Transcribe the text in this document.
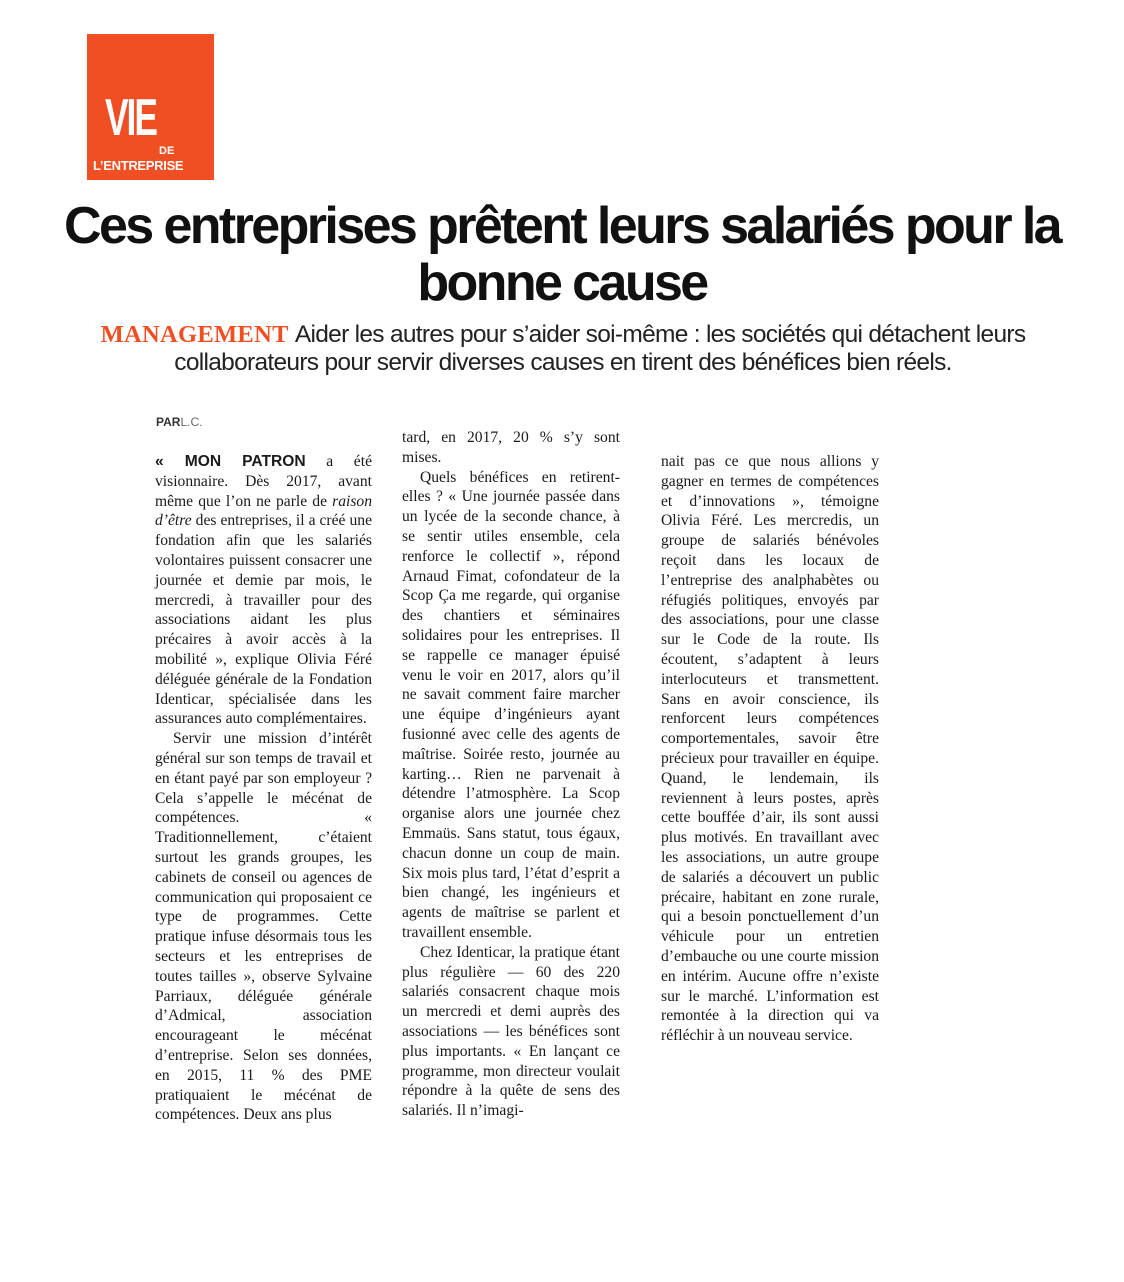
VIE
DE
L’ENTREPRISE
Ces entreprises prêtent leurs salariés pour la bonne cause

MANAGEMENT Aider les autres pour s’aider soi-même : les sociétés qui détachent leurs collaborateurs pour servir diverses causes en tirent des bénéfices bien réels.

PARL.C.

« MON PATRON a été visionnaire. Dès 2017, avant même que l’on ne parle de raison d’être des entreprises, il a créé une fondation afin que les salariés volontaires puissent consacrer une journée et demie par mois, le mercredi, à travailler pour des associations aidant les plus précaires à avoir accès à la mobilité », explique Olivia Féré déléguée générale de la Fondation Identicar, spécialisée dans les assurances auto complémentaires.

Servir une mission d’intérêt général sur son temps de travail et en étant payé par son employeur ? Cela s’appelle le mécénat de compétences. « Traditionnellement, c’étaient surtout les grands groupes, les cabinets de conseil ou agences de communication qui proposaient ce type de programmes. Cette pratique infuse désormais tous les secteurs et les entreprises de toutes tailles », observe Sylvaine Parriaux, déléguée générale d’Admical, association encourageant le mécénat d’entreprise. Selon ses données, en 2015, 11 % des PME pratiquaient le mécénat de compétences. Deux ans plus

tard, en 2017, 20 % s’y sont mises.

Quels bénéfices en retirent-elles ? « Une journée passée dans un lycée de la seconde chance, à se sentir utiles ensemble, cela renforce le collectif », répond Arnaud Fimat, cofondateur de la Scop Ça me regarde, qui organise des chantiers et séminaires solidaires pour les entreprises. Il se rappelle ce manager épuisé venu le voir en 2017, alors qu’il ne savait comment faire marcher une équipe d’ingénieurs ayant fusionné avec celle des agents de maîtrise. Soirée resto, journée au karting… Rien ne parvenait à détendre l’atmosphère. La Scop organise alors une journée chez Emmaüs. Sans statut, tous égaux, chacun donne un coup de main. Six mois plus tard, l’état d’esprit a bien changé, les ingénieurs et agents de maîtrise se parlent et travaillent ensemble.

Chez Identicar, la pratique étant plus régulière — 60 des 220 salariés consacrent chaque mois un mercredi et demi auprès des associations — les bénéfices sont plus importants. « En lançant ce programme, mon directeur voulait répondre à la quête de sens des salariés. Il n’imagi-

nait pas ce que nous allions y gagner en termes de compétences et d’innovations », témoigne Olivia Féré. Les mercredis, un groupe de salariés bénévoles reçoit dans les locaux de l’entreprise des analphabètes ou réfugiés politiques, envoyés par des associations, pour une classe sur le Code de la route. Ils écoutent, s’adaptent à leurs interlocuteurs et transmettent. Sans en avoir conscience, ils renforcent leurs compétences comportementales, savoir être précieux pour travailler en équipe. Quand, le lendemain, ils reviennent à leurs postes, après cette bouffée d’air, ils sont aussi plus motivés. En travaillant avec les associations, un autre groupe de salariés a découvert un public précaire, habitant en zone rurale, qui a besoin ponctuellement d’un véhicule pour un entretien d’embauche ou une courte mission en intérim. Aucune offre n’existe sur le marché. L’information est remontée à la direction qui va réfléchir à un nouveau service.
